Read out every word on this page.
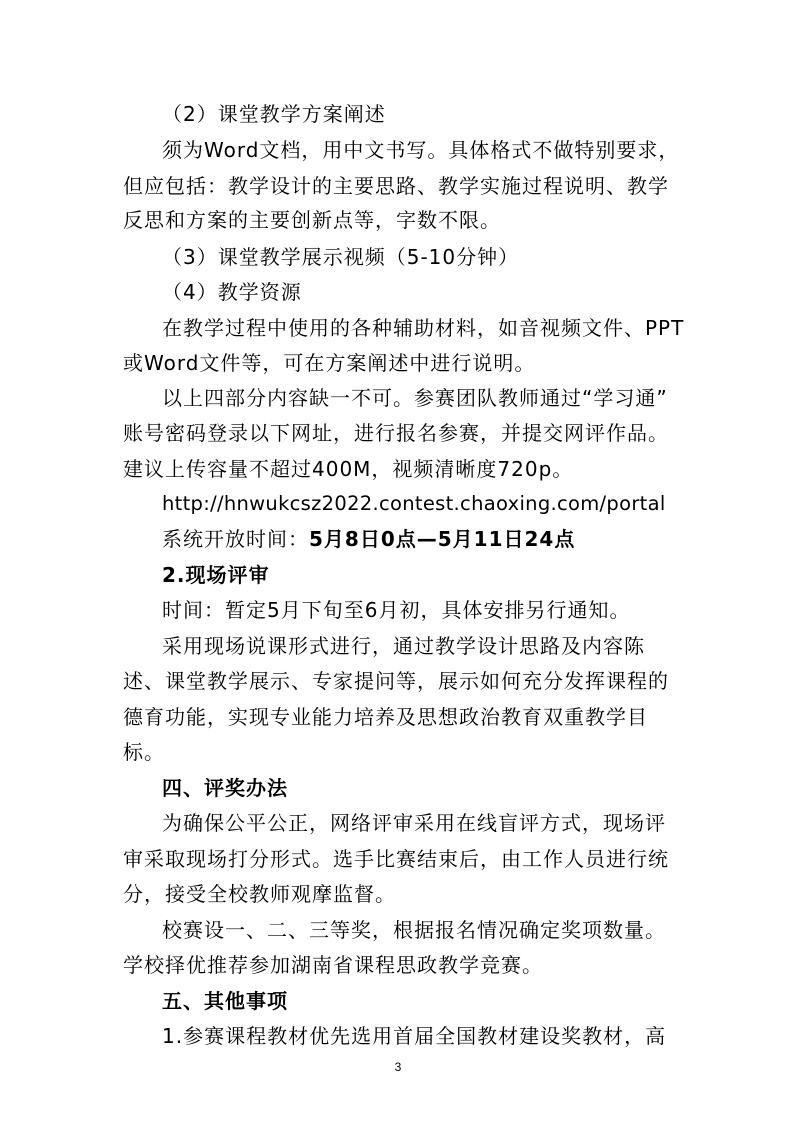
（2）课堂教学方案阐述
须为Word文档，用中文书写。具体格式不做特别要求，
但应包括：教学设计的主要思路、教学实施过程说明、教学
反思和方案的主要创新点等，字数不限。
（3）课堂教学展示视频（5-10分钟）
（4）教学资源
在教学过程中使用的各种辅助材料，如音视频文件、PPT
或Word文件等，可在方案阐述中进行说明。
以上四部分内容缺一不可。参赛团队教师通过“学习通”
账号密码登录以下网址，进行报名参赛，并提交网评作品。
建议上传容量不超过400M，视频清晰度720p。
http://hnwukcsz2022.contest.chaoxing.com/portal
系统开放时间：5月8日0点—5月11日24点
2.现场评审
时间：暂定5月下旬至6月初，具体安排另行通知。
采用现场说课形式进行，通过教学设计思路及内容陈
述、课堂教学展示、专家提问等，展示如何充分发挥课程的
德育功能，实现专业能力培养及思想政治教育双重教学目
标。
四、评奖办法
为确保公平公正，网络评审采用在线盲评方式，现场评
审采取现场打分形式。选手比赛结束后，由工作人员进行统
分，接受全校教师观摩监督。
校赛设一、二、三等奖，根据报名情况确定奖项数量。
学校择优推荐参加湖南省课程思政教学竞赛。
五、其他事项
1.参赛课程教材优先选用首届全国教材建设奖教材，高
3
